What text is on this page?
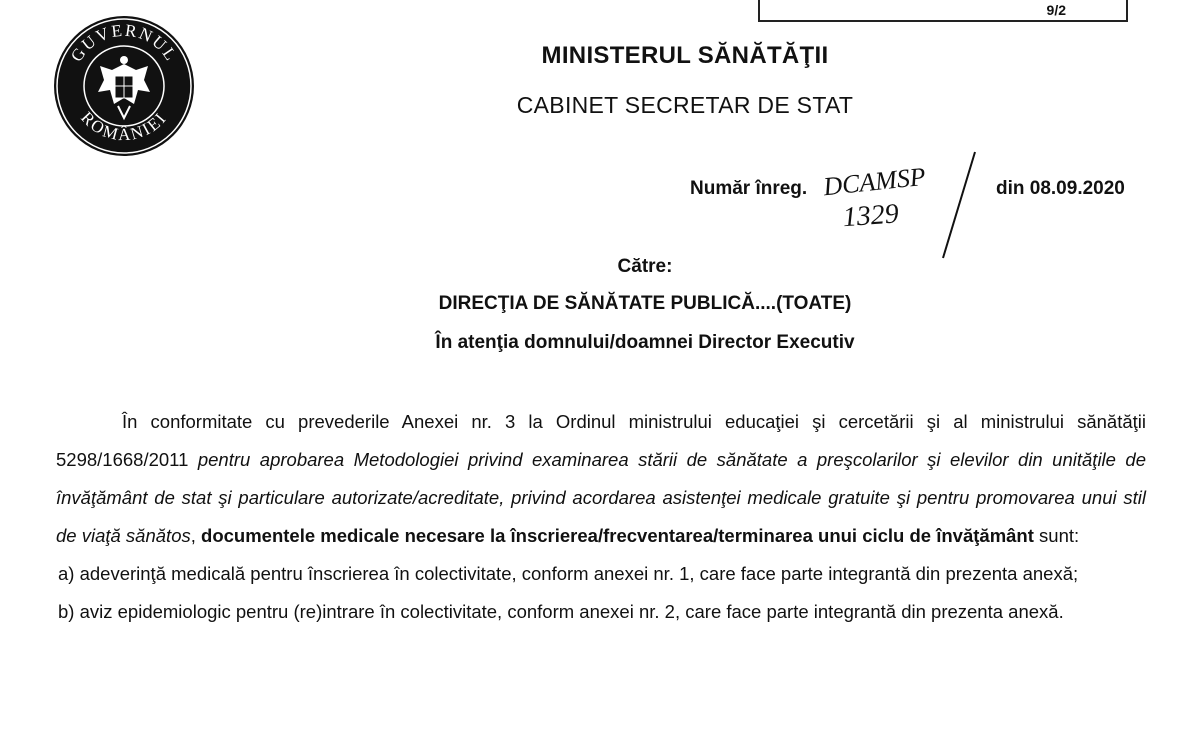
9/2
GUVERNUL
ROMÂNIEI
MINISTERUL SĂNĂTĂŢII
CABINET SECRETAR DE STAT
Număr înreg. DCAMSP
1329
din 08.09.2020
Către:
DIRECŢIA DE SĂNĂTATE PUBLICĂ....(TOATE)
În atenţia domnului/doamnei Director Executiv

În conformitate cu prevederile Anexei nr. 3 la Ordinul ministrului educaţiei şi cercetării şi al ministrului sănătăţii 5298/1668/2011 pentru aprobarea Metodologiei privind examinarea stării de sănătate a preşcolarilor şi elevilor din unităţile de învăţământ de stat şi particulare autorizate/acreditate, privind acordarea asistenţei medicale gratuite şi pentru promovarea unui stil de viaţă sănătos, documentele medicale necesare la înscrierea/frecventarea/terminarea unui ciclu de învăţământ sunt:

a) adeverinţă medicală pentru înscrierea în colectivitate, conform anexei nr. 1, care face parte integrantă din prezenta anexă;

b) aviz epidemiologic pentru (re)intrare în colectivitate, conform anexei nr. 2, care face parte integrantă din prezenta anexă.
